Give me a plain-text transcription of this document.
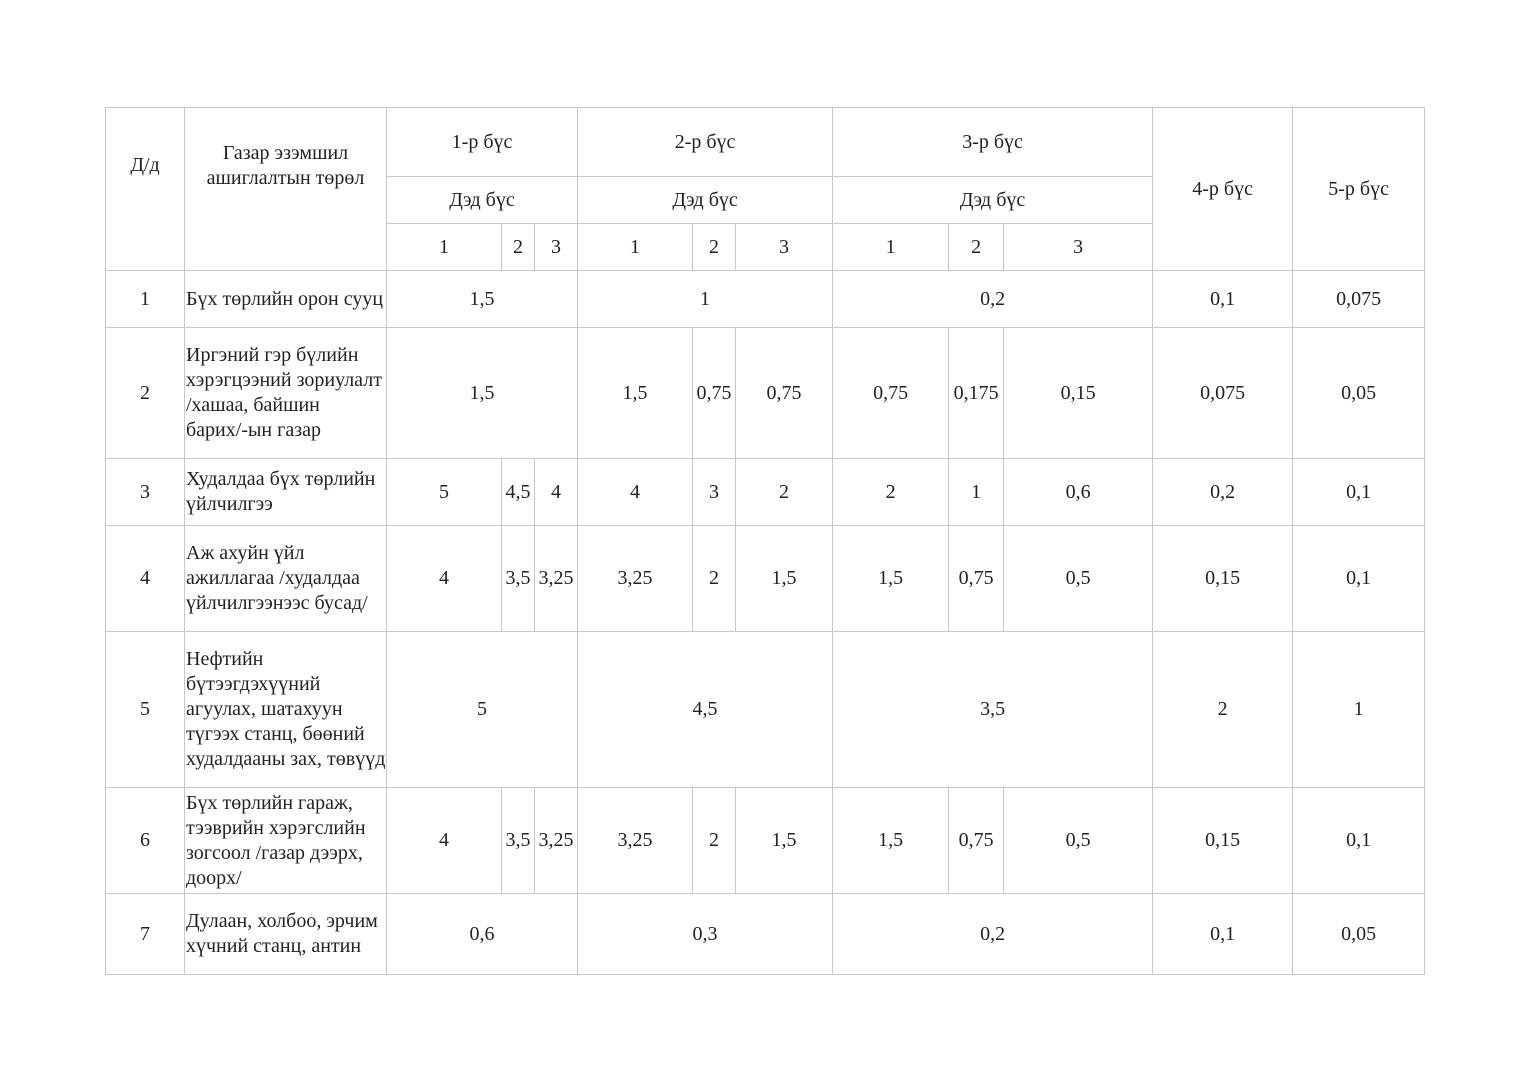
Д/д	Газар эзэмшил ашиглалтын төрөл	1-р бүс			2-р бүс			3-р бүс			4-р бүс	5-р бүс
		Дэд бүс			Дэд бүс			Дэд бүс				
		1	2	3	1	2	3	1	2	3		
1	Бүх төрлийн орон сууц	1,5			1			0,2			0,1	0,075
2	Иргэний гэр бүлийн хэрэгцээний зориулалт /хашаа, байшин барих/-ын газар	1,5			1,5	0,75	0,75	0,75	0,175	0,15	0,075	0,05
3	Худалдаа бүх төрлийн үйлчилгээ	5	4,5	4	4	3	2	2	1	0,6	0,2	0,1
4	Аж ахуйн үйл ажиллагаа /худалдаа үйлчилгээнээс бусад/	4	3,5	3,25	3,25	2	1,5	1,5	0,75	0,5	0,15	0,1
5	Нефтийн бүтээгдэхүүний агуулах, шатахуун түгээх станц, бөөний худалдааны зах, төвүүд	5			4,5			3,5			2	1
6	Бүх төрлийн гараж, тээврийн хэрэгслийн зогсоол /газар дээрх, доорх/	4	3,5	3,25	3,25	2	1,5	1,5	0,75	0,5	0,15	0,1
7	Дулаан, холбоо, эрчим хүчний станц, антин	0,6			0,3			0,2			0,1	0,05
